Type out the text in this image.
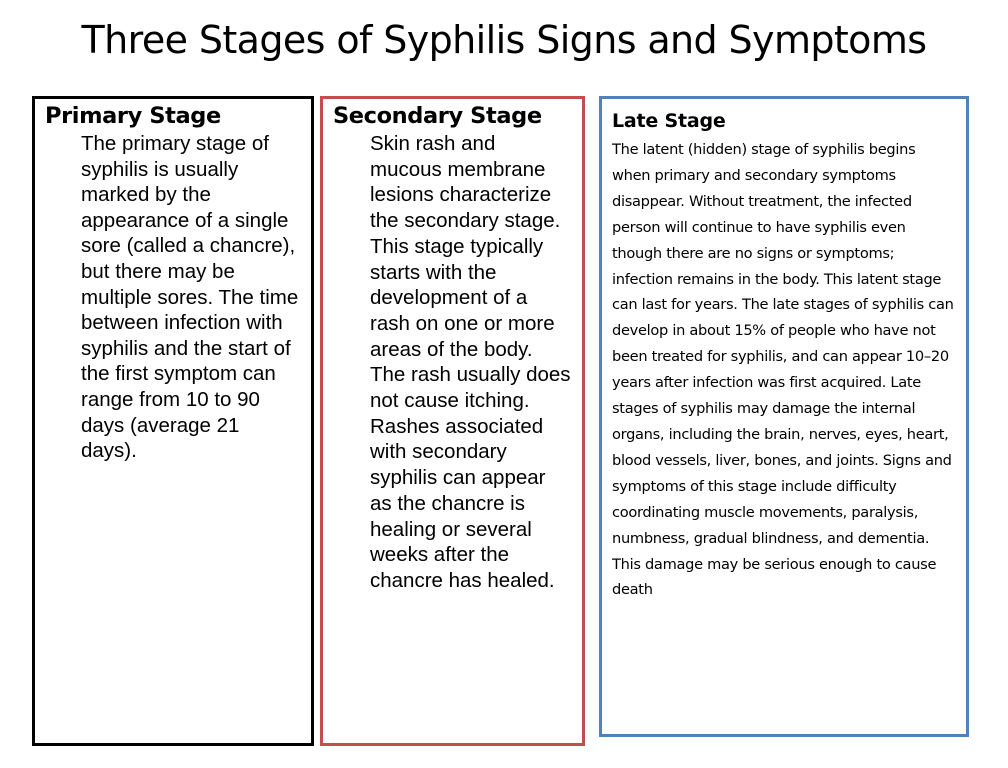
Three Stages of Syphilis Signs and Symptoms

Primary Stage

The primary stage of syphilis is usually marked by the appearance of a single sore (called a chancre), but there may be multiple sores. The time between infection with syphilis and the start of the first symptom can range from 10 to 90 days (average 21 days).

Secondary Stage

Skin rash and mucous membrane lesions characterize the secondary stage. This stage typically starts with the development of a rash on one or more areas of the body. The rash usually does not cause itching. Rashes associated with secondary syphilis can appear as the chancre is healing or several weeks after the chancre has healed.

Late Stage

The latent (hidden) stage of syphilis begins when primary and secondary symptoms disappear. Without treatment, the infected person will continue to have syphilis even though there are no signs or symptoms; infection remains in the body. This latent stage can last for years. The late stages of syphilis can develop in about 15% of people who have not been treated for syphilis, and can appear 10–20 years after infection was first acquired. Late stages of syphilis may damage the internal organs, including the brain, nerves, eyes, heart, blood vessels, liver, bones, and joints. Signs and symptoms of this stage include difficulty coordinating muscle movements, paralysis, numbness, gradual blindness, and dementia. This damage may be serious enough to cause death
